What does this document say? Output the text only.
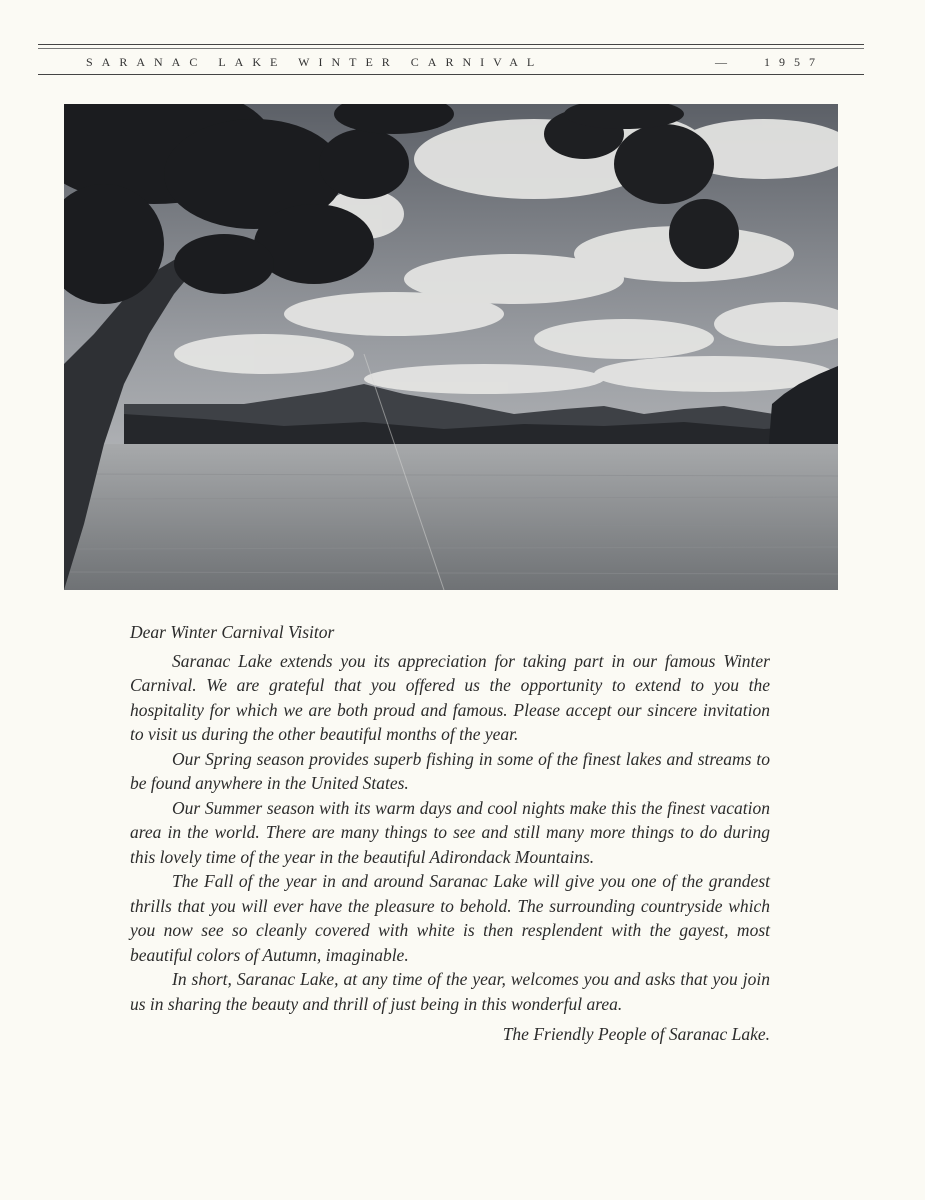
SARANAC LAKE WINTER CARNIVAL	— 1957

Dear Winter Carnival Visitor

Saranac Lake extends you its appreciation for taking part in our famous Winter Carnival. We are grateful that you offered us the opportunity to extend to you the hospitality for which we are both proud and famous. Please accept our sincere invitation to visit us during the other beautiful months of the year.

Our Spring season provides superb fishing in some of the finest lakes and streams to be found anywhere in the United States.

Our Summer season with its warm days and cool nights make this the finest vacation area in the world. There are many things to see and still many more things to do during this lovely time of the year in the beautiful Adirondack Mountains.

The Fall of the year in and around Saranac Lake will give you one of the grandest thrills that you will ever have the pleasure to behold. The surrounding countryside which you now see so cleanly covered with white is then resplendent with the gayest, most beautiful colors of Autumn, imaginable.

In short, Saranac Lake, at any time of the year, welcomes you and asks that you join us in sharing the beauty and thrill of just being in this wonderful area.

The Friendly People of Saranac Lake.
